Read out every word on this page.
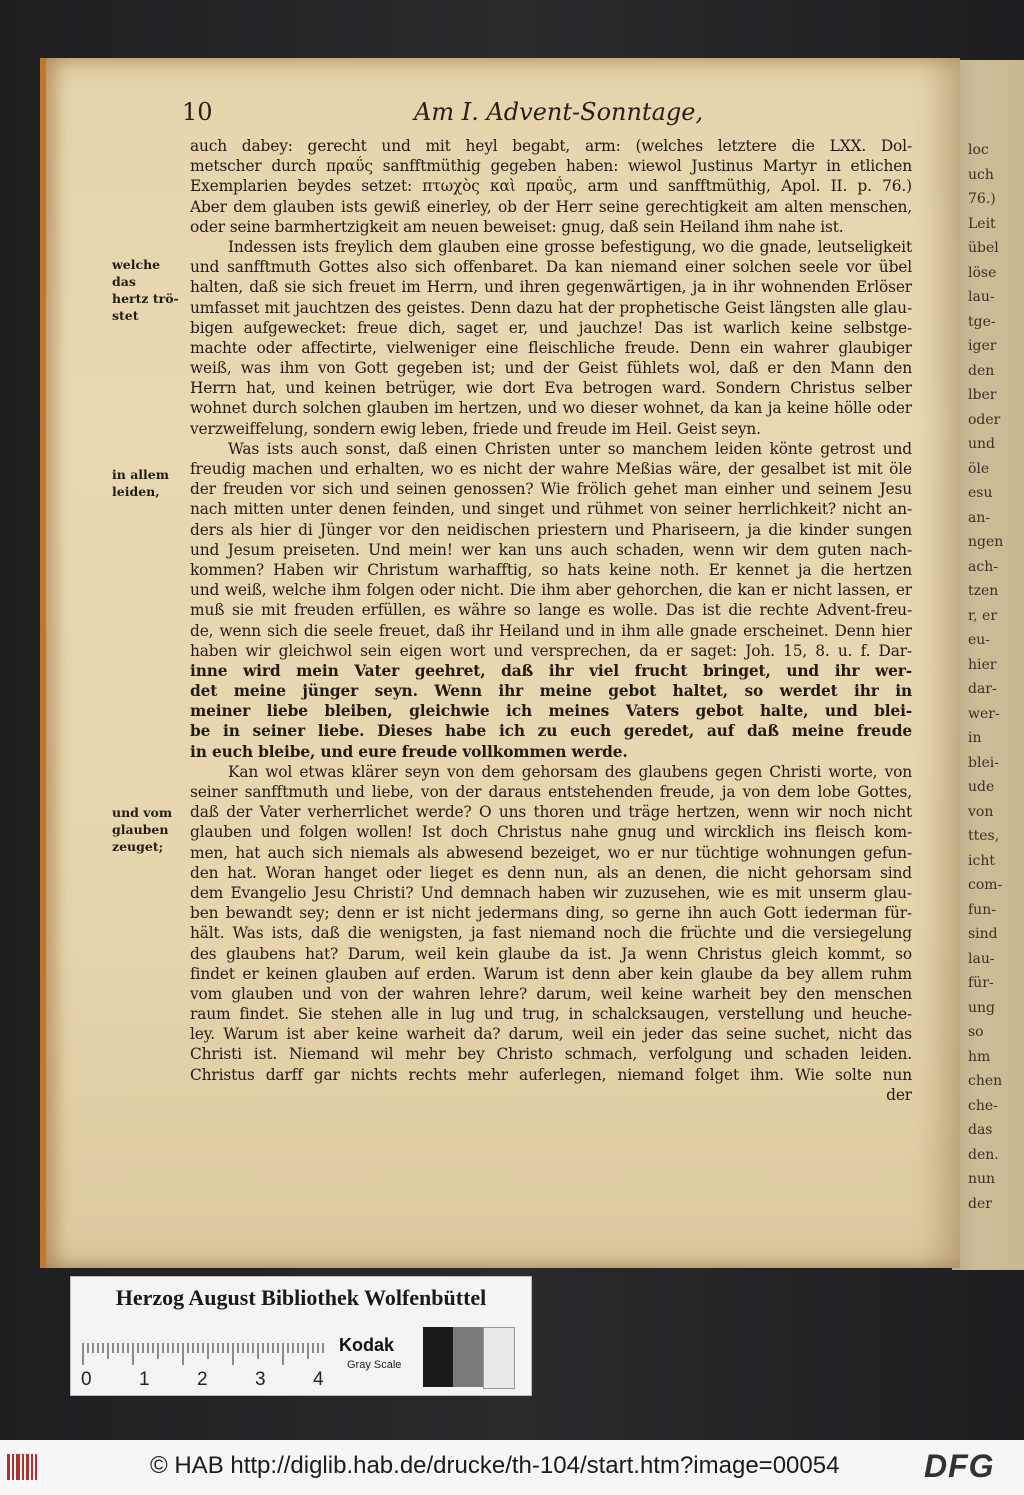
loc
uch
76.)
Leit
übel
löse
lau-
tge-
iger
den
lber
oder
und
öle
esu
an-
ngen
ach-
tzen
r, er
eu-
hier
dar-
wer-
in
blei-
ude
von
ttes,
icht
com-
fun-
sind
lau-
für-
ung
so
hm
chen
che-
das
den.
nun
der
10	Am I. Advent-Sonntage,
auch dabey: gerecht und mit heyl begabt, arm: (welches letztere die LXX. Dol-
metscher durch πραΰς sanfftmüthig gegeben haben: wiewol Justinus Martyr in etlichen
Exemplarien beydes setzet: πτωχὸς καὶ πραΰς, arm und sanfftmüthig, Apol. II. p. 76.)
Aber dem glauben ists gewiß einerley, ob der Herr seine gerechtigkeit am alten menschen,
oder seine barmhertzigkeit am neuen beweiset: gnug, daß sein Heiland ihm nahe ist.
Indessen ists freylich dem glauben eine grosse befestigung, wo die gnade, leutseligkeit
und sanfftmuth Gottes also sich offenbaret. Da kan niemand einer solchen seele vor übel
halten, daß sie sich freuet im Herrn, und ihren gegenwärtigen, ja in ihr wohnenden Erlöser
umfasset mit jauchtzen des geistes. Denn dazu hat der prophetische Geist längsten alle glau-
bigen aufgewecket: freue dich, saget er, und jauchze! Das ist warlich keine selbstge-
machte oder affectirte, vielweniger eine fleischliche freude. Denn ein wahrer glaubiger
weiß, was ihm von Gott gegeben ist; und der Geist fühlets wol, daß er den Mann den
Herrn hat, und keinen betrüger, wie dort Eva betrogen ward. Sondern Christus selber
wohnet durch solchen glauben im hertzen, und wo dieser wohnet, da kan ja keine hölle oder
verzweiffelung, sondern ewig leben, friede und freude im Heil. Geist seyn.
Was ists auch sonst, daß einen Christen unter so manchem leiden könte getrost und
freudig machen und erhalten, wo es nicht der wahre Meßias wäre, der gesalbet ist mit öle
der freuden vor sich und seinen genossen? Wie frölich gehet man einher und seinem Jesu
nach mitten unter denen feinden, und singet und rühmet von seiner herrlichkeit? nicht an-
ders als hier di Jünger vor den neidischen priestern und Phariseern, ja die kinder sungen
und Jesum preiseten. Und mein! wer kan uns auch schaden, wenn wir dem guten nach-
kommen? Haben wir Christum warhafftig, so hats keine noth. Er kennet ja die hertzen
und weiß, welche ihm folgen oder nicht. Die ihm aber gehorchen, die kan er nicht lassen, er
muß sie mit freuden erfüllen, es währe so lange es wolle. Das ist die rechte Advent-freu-
de, wenn sich die seele freuet, daß ihr Heiland und in ihm alle gnade erscheinet. Denn hier
haben wir gleichwol sein eigen wort und versprechen, da er saget: Joh. 15, 8. u. f. Dar-
inne wird mein Vater geehret, daß ihr viel frucht bringet, und ihr wer-
det meine jünger seyn. Wenn ihr meine gebot haltet, so werdet ihr in
meiner liebe bleiben, gleichwie ich meines Vaters gebot halte, und blei-
be in seiner liebe. Dieses habe ich zu euch geredet, auf daß meine freude
in euch bleibe, und eure freude vollkommen werde.
Kan wol etwas klärer seyn von dem gehorsam des glaubens gegen Christi worte, von
seiner sanfftmuth und liebe, von der daraus entstehenden freude, ja von dem lobe Gottes,
daß der Vater verherrlichet werde? O uns thoren und träge hertzen, wenn wir noch nicht
glauben und folgen wollen! Ist doch Christus nahe gnug und wircklich ins fleisch kom-
men, hat auch sich niemals als abwesend bezeiget, wo er nur tüchtige wohnungen gefun-
den hat. Woran hanget oder lieget es denn nun, als an denen, die nicht gehorsam sind
dem Evangelio Jesu Christi? Und demnach haben wir zuzusehen, wie es mit unserm glau-
ben bewandt sey; denn er ist nicht jedermans ding, so gerne ihn auch Gott iederman für-
hält. Was ists, daß die wenigsten, ja fast niemand noch die früchte und die versiegelung
des glaubens hat? Darum, weil kein glaube da ist. Ja wenn Christus gleich kommt, so
findet er keinen glauben auf erden. Warum ist denn aber kein glaube da bey allem ruhm
vom glauben und von der wahren lehre? darum, weil keine warheit bey den menschen
raum findet. Sie stehen alle in lug und trug, in schalcksaugen, verstellung und heuche-
ley. Warum ist aber keine warheit da? darum, weil ein jeder das seine suchet, nicht das
Christi ist. Niemand wil mehr bey Christo schmach, verfolgung und schaden leiden.
Christus darff gar nichts rechts mehr auferlegen, niemand folget ihm. Wie solte nun
der
welche das
hertz trö-
stet
in allem
leiden,
und vom
glauben
zeuget;
Herzog August Bibliothek Wolfenbüttel
Kodak
Gray Scale
0 1 2 3 4
© HAB http://diglib.hab.de/drucke/th-104/start.htm?image=00054	DFG
